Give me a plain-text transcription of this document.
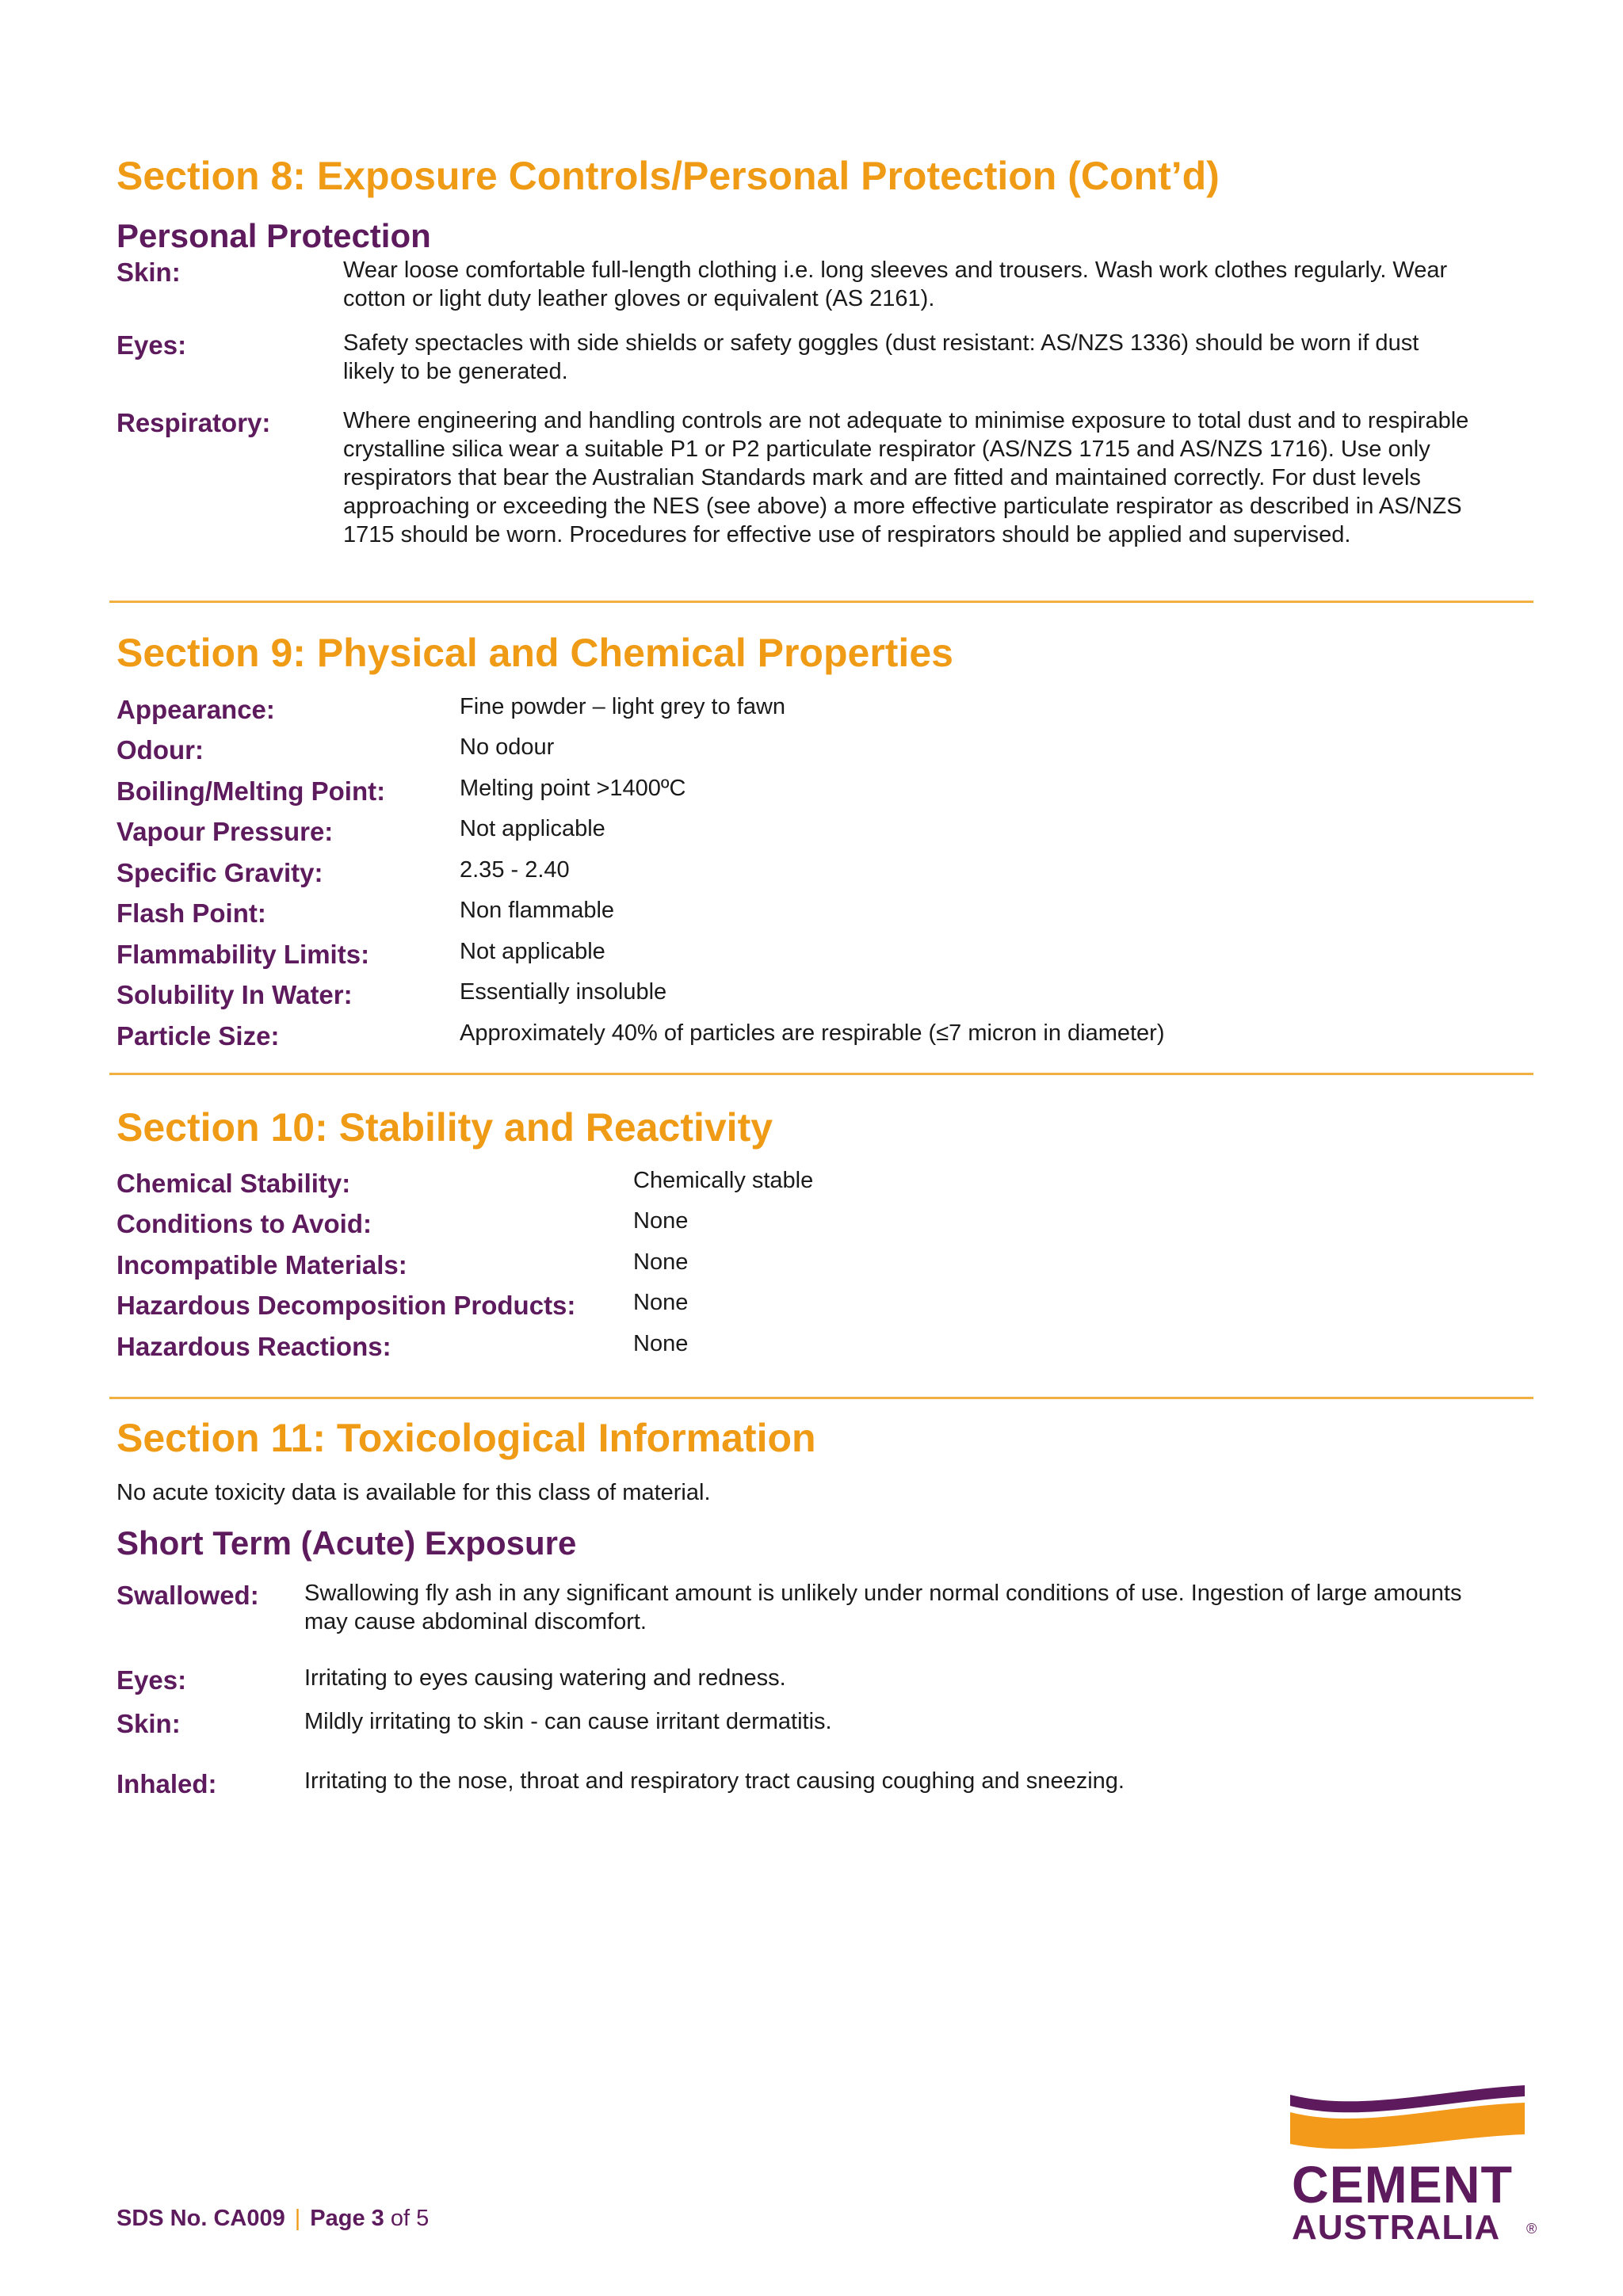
Section 8: Exposure Controls/Personal Protection (Cont’d)
Personal Protection
Skin:	Wear loose comfortable full-length clothing i.e. long sleeves and trousers. Wash work clothes regularly. Wear cotton or light duty leather gloves or equivalent (AS 2161).
Eyes:	Safety spectacles with side shields or safety goggles (dust resistant: AS/NZS 1336) should be worn if dust likely to be generated.
Respiratory:	Where engineering and handling controls are not adequate to minimise exposure to total dust and to respirable crystalline silica wear a suitable P1 or P2 particulate respirator (AS/NZS 1715 and AS/NZS 1716). Use only respirators that bear the Australian Standards mark and are fitted and maintained correctly. For dust levels approaching or exceeding the NES (see above) a more effective particulate respirator as described in AS/NZS 1715 should be worn. Procedures for effective use of respirators should be applied and supervised.
Section 9: Physical and Chemical Properties
Appearance:	Fine powder – light grey to fawn
Odour:	No odour
Boiling/Melting Point:	Melting point >1400ºC
Vapour Pressure:	Not applicable
Specific Gravity:	2.35 - 2.40
Flash Point:	Non flammable
Flammability Limits:	Not applicable
Solubility In Water:	Essentially insoluble
Particle Size:	Approximately 40% of particles are respirable (≤7 micron in diameter)
Section 10: Stability and Reactivity
Chemical Stability:	Chemically stable
Conditions to Avoid:	None
Incompatible Materials:	None
Hazardous Decomposition Products:	None
Hazardous Reactions:	None
Section 11: Toxicological Information
No acute toxicity data is available for this class of material.
Short Term (Acute) Exposure
Swallowed: Swallowing fly ash in any significant amount is unlikely under normal conditions of use. Ingestion of large amounts may cause abdominal discomfort.
Eyes:	Irritating to eyes causing watering and redness.
Skin:	Mildly irritating to skin - can cause irritant dermatitis.
Inhaled:	Irritating to the nose, throat and respiratory tract causing coughing and sneezing.
SDS No. CA009 | Page 3 of 5
CEMENT
AUSTRALIA ®
